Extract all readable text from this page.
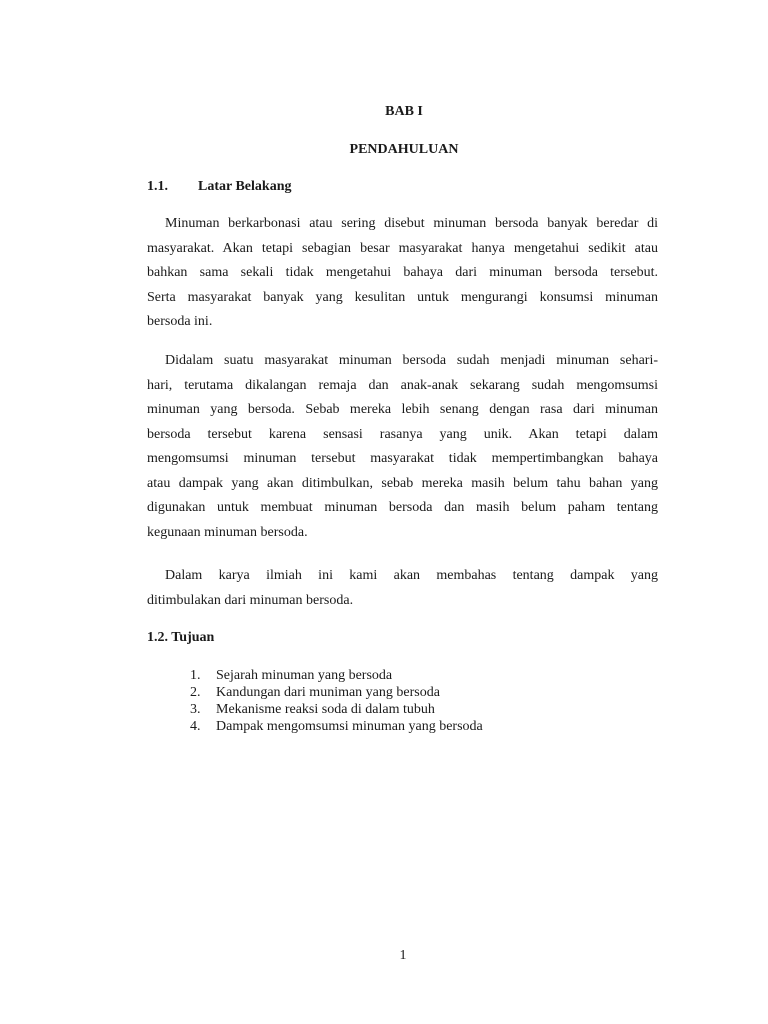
BAB I
PENDAHULUAN
1.1. Latar Belakang
Minuman berkarbonasi atau sering disebut minuman bersoda banyak beredar di
masyarakat. Akan tetapi sebagian besar masyarakat hanya mengetahui sedikit atau
bahkan sama sekali tidak mengetahui bahaya dari minuman bersoda tersebut.
Serta masyarakat banyak yang kesulitan untuk mengurangi konsumsi minuman
bersoda ini.
Didalam suatu masyarakat minuman bersoda sudah menjadi minuman sehari-
hari, terutama dikalangan remaja dan anak-anak sekarang sudah mengomsumsi
minuman yang bersoda. Sebab mereka lebih senang dengan rasa dari minuman
bersoda tersebut karena sensasi rasanya yang unik. Akan tetapi dalam
mengomsumsi minuman tersebut masyarakat tidak mempertimbangkan bahaya
atau dampak yang akan ditimbulkan, sebab mereka masih belum tahu bahan yang
digunakan untuk membuat minuman bersoda dan masih belum paham tentang
kegunaan minuman bersoda.
Dalam karya ilmiah ini kami akan membahas tentang dampak yang
ditimbulakan dari minuman bersoda.
1.2. Tujuan
1. Sejarah minuman yang bersoda
2. Kandungan dari muniman yang bersoda
3. Mekanisme reaksi soda di dalam tubuh
4. Dampak mengomsumsi minuman yang bersoda
1
